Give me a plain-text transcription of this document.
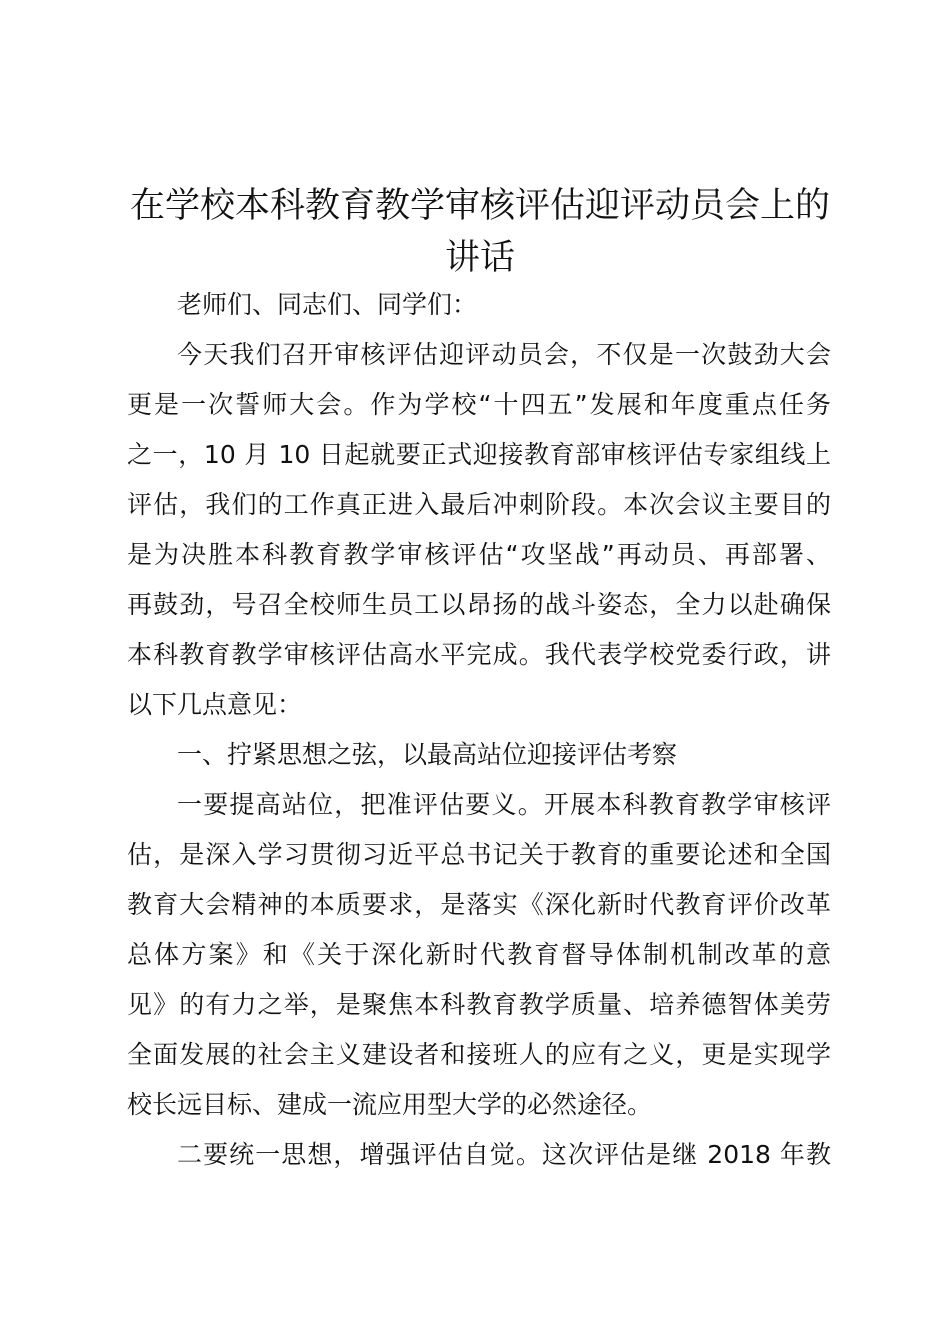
在学校本科教育教学审核评估迎评动员会上的
讲话

老师们、同志们、同学们：

今天我们召开审核评估迎评动员会，不仅是一次鼓劲大会

更是一次誓师大会。作为学校“十四五”发展和年度重点任务

之一，10 月 10 日起就要正式迎接教育部审核评估专家组线上

评估，我们的工作真正进入最后冲刺阶段。本次会议主要目的

是为决胜本科教育教学审核评估“攻坚战”再动员、再部署、

再鼓劲，号召全校师生员工以昂扬的战斗姿态，全力以赴确保

本科教育教学审核评估高水平完成。我代表学校党委行政，讲

以下几点意见：

一、拧紧思想之弦，以最高站位迎接评估考察

一要提高站位，把准评估要义。开展本科教育教学审核评

估，是深入学习贯彻习近平总书记关于教育的重要论述和全国

教育大会精神的本质要求，是落实《深化新时代教育评价改革

总体方案》和《关于深化新时代教育督导体制机制改革的意

见》的有力之举，是聚焦本科教育教学质量、培养德智体美劳

全面发展的社会主义建设者和接班人的应有之义，更是实现学

校长远目标、建成一流应用型大学的必然途径。

二要统一思想，增强评估自觉。这次评估是继 2018 年教
